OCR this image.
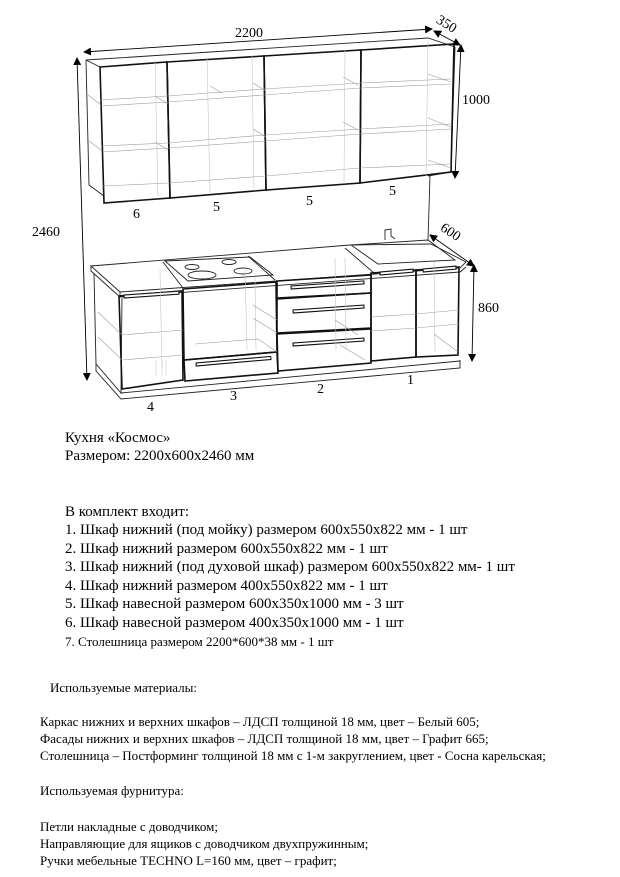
2200	350
1000
2460	600
860
6	5	5
5
4
3	2
1
Кухня «Космос»
Размером: 2200х600х2460 мм
В комплект входит:
1. Шкаф нижний (под мойку) размером 600х550х822 мм - 1 шт
2. Шкаф нижний размером 600х550х822 мм - 1 шт
3. Шкаф нижний (под духовой шкаф) размером 600х550х822 мм- 1 шт
4. Шкаф нижний размером 400х550х822 мм - 1 шт
5. Шкаф навесной размером 600х350х1000 мм - 3 шт
6. Шкаф навесной размером 400х350х1000 мм - 1 шт
7. Столешница размером 2200*600*38 мм - 1 шт
Используемые материалы:
Каркас нижних и верхних шкафов – ЛДСП толщиной 18 мм, цвет – Белый 605;
Фасады нижних и верхних шкафов – ЛДСП толщиной 18 мм, цвет – Графит 665;
Столешница – Постформинг толщиной 18 мм с 1-м закруглением, цвет - Сосна карельская;
Используемая фурнитура:
Петли накладные с доводчиком;
Направляющие для ящиков с доводчиком двухпружинным;
Ручки мебельные TECHNO L=160 мм, цвет – графит;
